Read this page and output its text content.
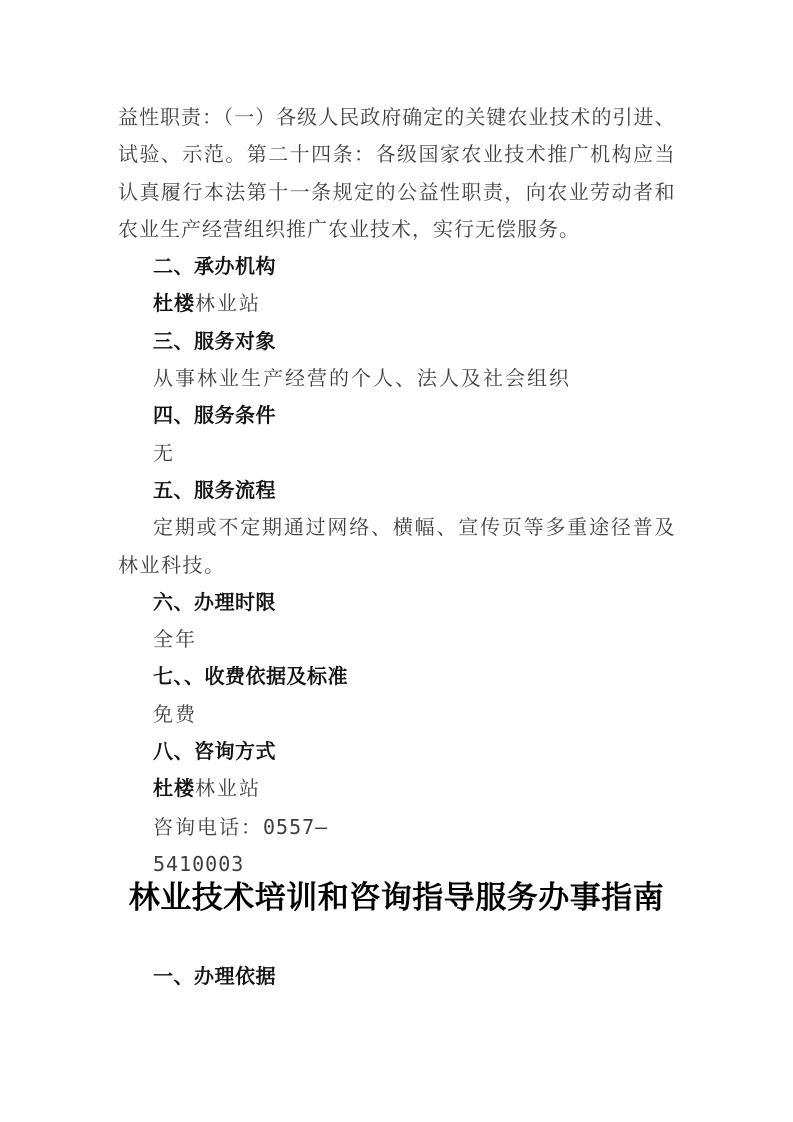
益性职责：（一）各级人民政府确定的关键农业技术的引进、
试验、示范。第二十四条：各级国家农业技术推广机构应当
认真履行本法第十一条规定的公益性职责，向农业劳动者和
农业生产经营组织推广农业技术，实行无偿服务。
二、承办机构
杜楼林业站
三、服务对象
从事林业生产经营的个人、法人及社会组织
四、服务条件
无
五、服务流程
定期或不定期通过网络、横幅、宣传页等多重途径普及
林业科技。
六、办理时限
全年
七、、收费依据及标准
免费
八、咨询方式
杜楼林业站
咨询电话：0557—
5410003
林业技术培训和咨询指导服务办事指南
一、办理依据
